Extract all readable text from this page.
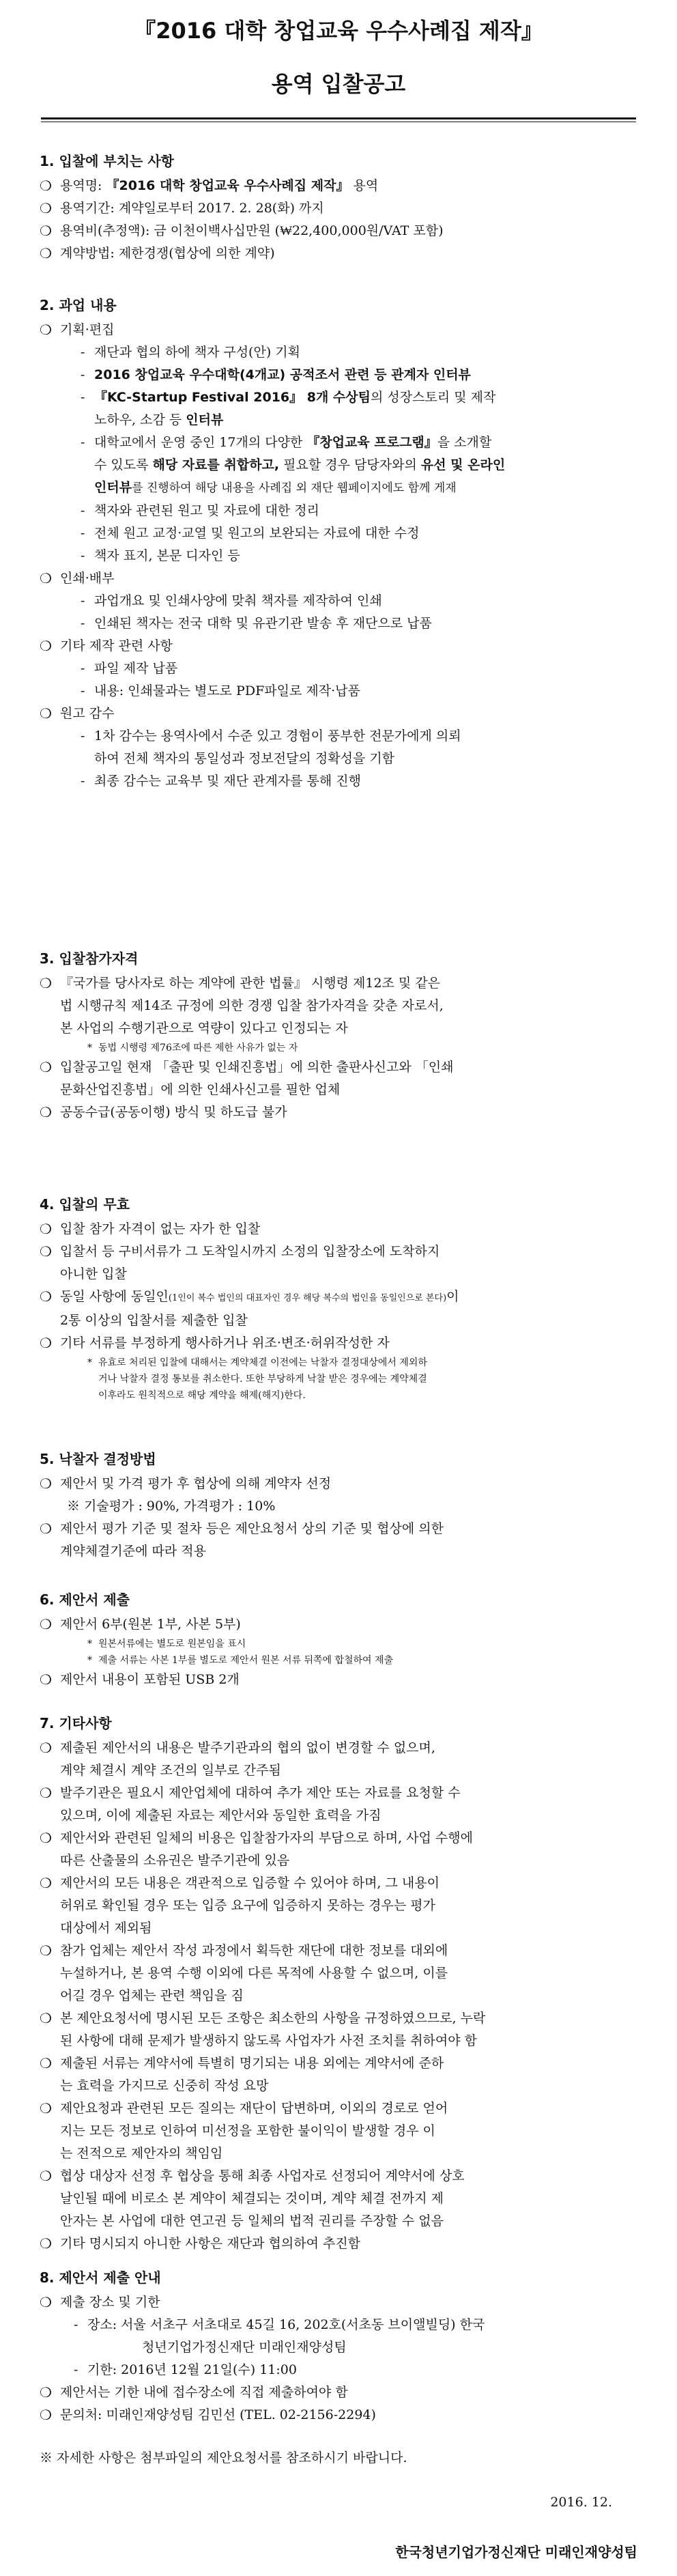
『2016 대학 창업교육 우수사례집 제작』
용역 입찰공고
1. 입찰에 부치는 사항
❍ 용역명: 『2016 대학 창업교육 우수사례집 제작』 용역
❍ 용역기간: 계약일로부터 2017. 2. 28(화) 까지
❍ 용역비(추정액): 금 이천이백사십만원 (₩22,400,000원/VAT 포함)
❍ 계약방법: 제한경쟁(협상에 의한 계약)
2. 과업 내용
❍ 기획·편집
- 재단과 협의 하에 책자 구성(안) 기획
- 2016 창업교육 우수대학(4개교) 공적조서 관련 등 관계자 인터뷰
- 『KC-Startup Festival 2016』 8개 수상팀의 성장스토리 및 제작
노하우, 소감 등 인터뷰
- 대학교에서 운영 중인 17개의 다양한 『창업교육 프로그램』을 소개할
수 있도록 해당 자료를 취합하고, 필요할 경우 담당자와의 유선 및 온라인
인터뷰를 진행하여 해당 내용을 사례집 외 재단 웹페이지에도 함께 게재
- 책자와 관련된 원고 및 자료에 대한 정리
- 전체 원고 교정·교열 및 원고의 보완되는 자료에 대한 수정
- 책자 표지, 본문 디자인 등
❍ 인쇄·배부
- 과업개요 및 인쇄사양에 맞춰 책자를 제작하여 인쇄
- 인쇄된 책자는 전국 대학 및 유관기관 발송 후 재단으로 납품
❍ 기타 제작 관련 사항
- 파일 제작 납품
- 내용: 인쇄물과는 별도로 PDF파일로 제작·납품
❍ 원고 감수
- 1차 감수는 용역사에서 수준 있고 경험이 풍부한 전문가에게 의뢰
하여 전체 책자의 통일성과 정보전달의 정확성을 기함
- 최종 감수는 교육부 및 재단 관계자를 통해 진행
3. 입찰참가자격
❍ 『국가를 당사자로 하는 계약에 관한 법률』 시행령 제12조 및 같은
법 시행규칙 제14조 규정에 의한 경쟁 입찰 참가자격을 갖춘 자로서,
본 사업의 수행기관으로 역량이 있다고 인정되는 자
* 동법 시행령 제76조에 따른 제한 사유가 없는 자
❍ 입찰공고일 현재 「출판 및 인쇄진흥법」에 의한 출판사신고와 「인쇄
문화산업진흥법」에 의한 인쇄사신고를 필한 업체
❍ 공동수급(공동이행) 방식 및 하도급 불가
4. 입찰의 무효
❍ 입찰 참가 자격이 없는 자가 한 입찰
❍ 입찰서 등 구비서류가 그 도착일시까지 소정의 입찰장소에 도착하지
아니한 입찰
❍ 동일 사항에 동일인(1인이 복수 법인의 대표자인 경우 해당 복수의 법인을 동일인으로 본다)이
2통 이상의 입찰서를 제출한 입찰
❍ 기타 서류를 부정하게 행사하거나 위조·변조·허위작성한 자
* 유효로 처리된 입찰에 대해서는 계약체결 이전에는 낙찰자 결정대상에서 제외하
거나 낙찰자 결정 통보를 취소한다. 또한 부당하게 낙찰 받은 경우에는 계약체결
이후라도 원칙적으로 해당 계약을 해제(해지)한다.
5. 낙찰자 결정방법
❍ 제안서 및 가격 평가 후 협상에 의해 계약자 선정
※ 기술평가 : 90%, 가격평가 : 10%
❍ 제안서 평가 기준 및 절차 등은 제안요청서 상의 기준 및 협상에 의한
계약체결기준에 따라 적용
6. 제안서 제출
❍ 제안서 6부(원본 1부, 사본 5부)
* 원본서류에는 별도로 원본임을 표시
* 제출 서류는 사본 1부를 별도로 제안서 원본 서류 뒤쪽에 합철하여 제출
❍ 제안서 내용이 포함된 USB 2개
7. 기타사항
❍ 제출된 제안서의 내용은 발주기관과의 협의 없이 변경할 수 없으며,
계약 체결시 계약 조건의 일부로 간주됨
❍ 발주기관은 필요시 제안업체에 대하여 추가 제안 또는 자료를 요청할 수
있으며, 이에 제출된 자료는 제안서와 동일한 효력을 가짐
❍ 제안서와 관련된 일체의 비용은 입찰참가자의 부담으로 하며, 사업 수행에
따른 산출물의 소유권은 발주기관에 있음
❍ 제안서의 모든 내용은 객관적으로 입증할 수 있어야 하며, 그 내용이
허위로 확인될 경우 또는 입증 요구에 입증하지 못하는 경우는 평가
대상에서 제외됨
❍ 참가 업체는 제안서 작성 과정에서 획득한 재단에 대한 정보를 대외에
누설하거나, 본 용역 수행 이외에 다른 목적에 사용할 수 없으며, 이를
어길 경우 업체는 관련 책임을 짐
❍ 본 제안요청서에 명시된 모든 조항은 최소한의 사항을 규정하였으므로, 누락
된 사항에 대해 문제가 발생하지 않도록 사업자가 사전 조치를 취하여야 함
❍ 제출된 서류는 계약서에 특별히 명기되는 내용 외에는 계약서에 준하
는 효력을 가지므로 신중히 작성 요망
❍ 제안요청과 관련된 모든 질의는 재단이 답변하며, 이외의 경로로 얻어
지는 모든 정보로 인하여 미선정을 포함한 불이익이 발생할 경우 이
는 전적으로 제안자의 책임임
❍ 협상 대상자 선정 후 협상을 통해 최종 사업자로 선정되어 계약서에 상호
날인될 때에 비로소 본 계약이 체결되는 것이며, 계약 체결 전까지 제
안자는 본 사업에 대한 연고권 등 일체의 법적 권리를 주장할 수 없음
❍ 기타 명시되지 아니한 사항은 재단과 협의하여 추진함
8. 제안서 제출 안내
❍ 제출 장소 및 기한
- 장소: 서울 서초구 서초대로 45길 16, 202호(서초동 브이앨빌딩) 한국
청년기업가정신재단 미래인재양성팀
- 기한: 2016년 12월 21일(수) 11:00
❍ 제안서는 기한 내에 접수장소에 직접 제출하여야 함
❍ 문의처: 미래인재양성팀 김민선 (TEL. 02-2156-2294)
※ 자세한 사항은 첨부파일의 제안요청서를 참조하시기 바랍니다.
2016. 12.
한국청년기업가정신재단 미래인재양성팀
